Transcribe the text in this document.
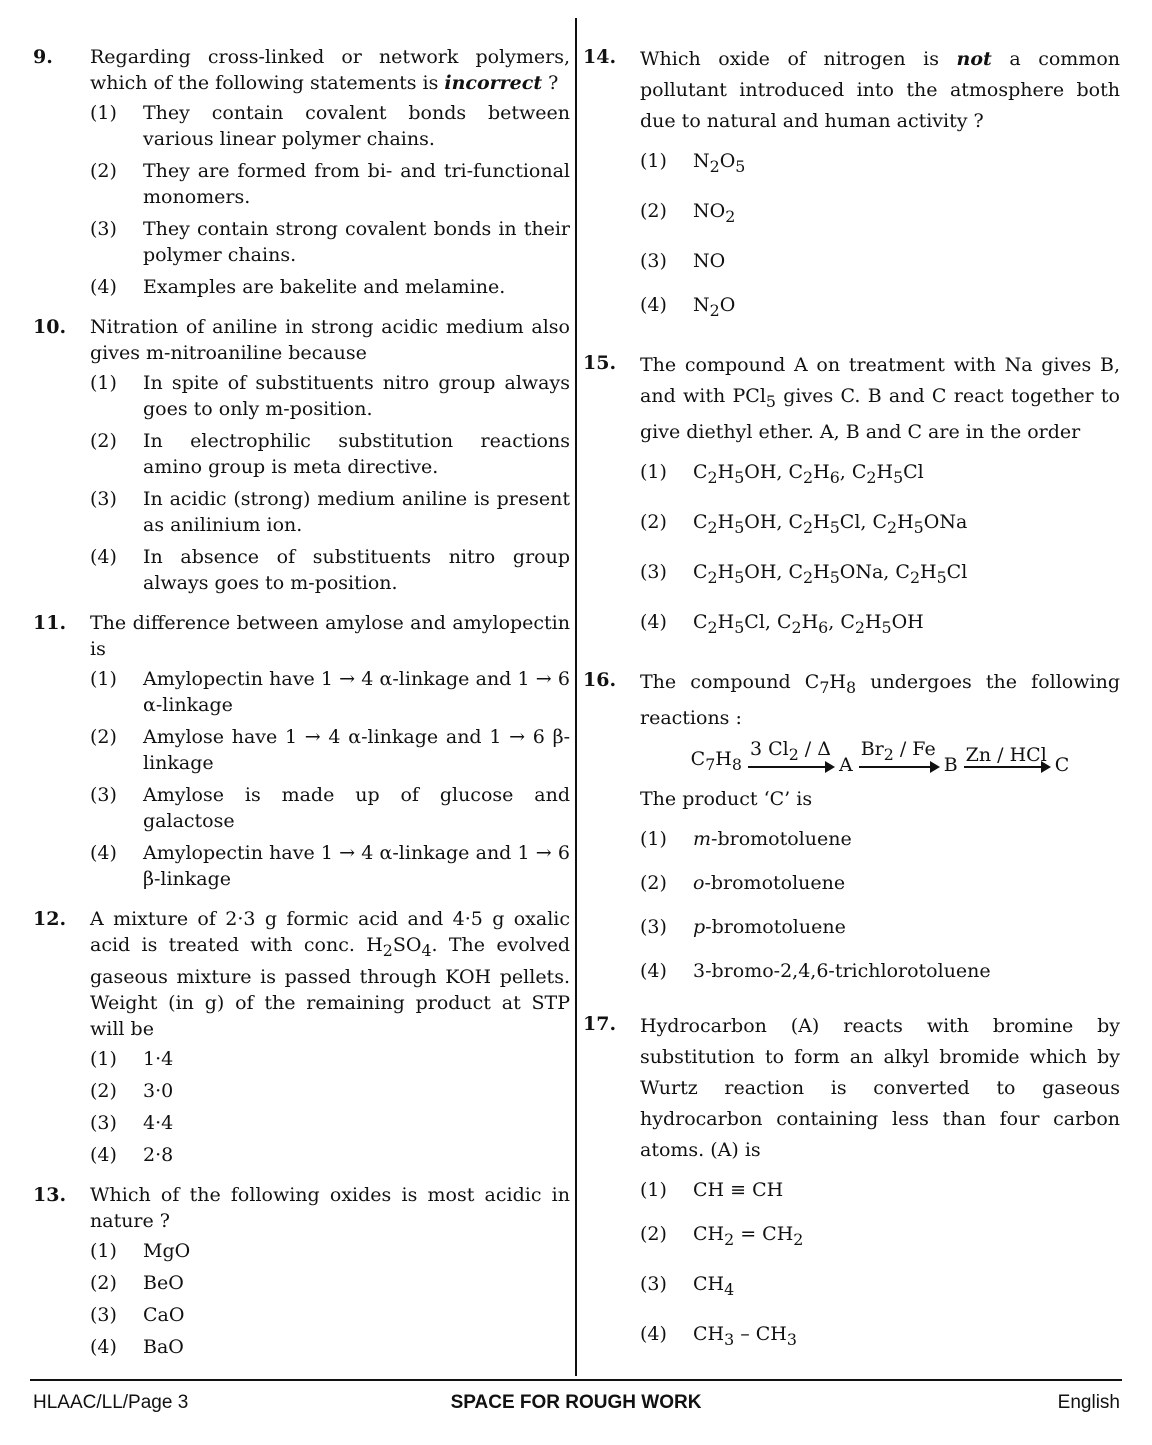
9. Regarding cross-linked or network polymers, which of the following statements is incorrect ?
(1) They contain covalent bonds between various linear polymer chains.
(2) They are formed from bi- and tri-functional monomers.
(3) They contain strong covalent bonds in their polymer chains.
(4) Examples are bakelite and melamine.
10. Nitration of aniline in strong acidic medium also gives m-nitroaniline because
(1) In spite of substituents nitro group always goes to only m-position.
(2) In electrophilic substitution reactions amino group is meta directive.
(3) In acidic (strong) medium aniline is present as anilinium ion.
(4) In absence of substituents nitro group always goes to m-position.
11. The difference between amylose and amylopectin is
(1) Amylopectin have 1 → 4 α-linkage and 1 → 6 α-linkage
(2) Amylose have 1 → 4 α-linkage and 1 → 6 β-linkage
(3) Amylose is made up of glucose and galactose
(4) Amylopectin have 1 → 4 α-linkage and 1 → 6 β-linkage
12. A mixture of 2·3 g formic acid and 4·5 g oxalic acid is treated with conc. $H_2SO_4$. The evolved gaseous mixture is passed through KOH pellets. Weight (in g) of the remaining product at STP will be
(1) 1·4
(2) 3·0
(3) 4·4
(4) 2·8
13. Which of the following oxides is most acidic in nature ?
(1) MgO
(2) BeO
(3) CaO
(4) BaO
14. Which oxide of nitrogen is not a common pollutant introduced into the atmosphere both due to natural and human activity ?
(1) $N_2O_5$
(2) $NO_2$
(3) NO
(4) $N_2O$
15. The compound A on treatment with Na gives B, and with PCl$_5$ gives C. B and C react together to give diethyl ether. A, B and C are in the order
(1) $C_2H_5OH$, $C_2H_6$, $C_2H_5Cl$
(2) $C_2H_5OH$, $C_2H_5Cl$, $C_2H_5ONa$
(3) $C_2H_5OH$, $C_2H_5ONa$, $C_2H_5Cl$
(4) $C_2H_5Cl$, $C_2H_6$, $C_2H_5OH$
16. The compound $C_7H_8$ undergoes the following reactions :
$C_7H_8$
3 $Cl_2$ / Δ
A
$Br_2$ / Fe
B Zn / HCl C
The product ‘C’ is
(1) m-bromotoluene
(2) o-bromotoluene
(3) p-bromotoluene
(4) 3-bromo-2,4,6-trichlorotoluene
17. Hydrocarbon (A) reacts with bromine by substitution to form an alkyl bromide which by Wurtz reaction is converted to gaseous hydrocarbon containing less than four carbon atoms. (A) is
(1) CH ≡ CH
(2) $CH_2 = CH_2$
(3) $CH_4$
(4) $CH_3 - CH_3$
HLAAC/LL/Page 3	SPACE FOR ROUGH WORK	English
